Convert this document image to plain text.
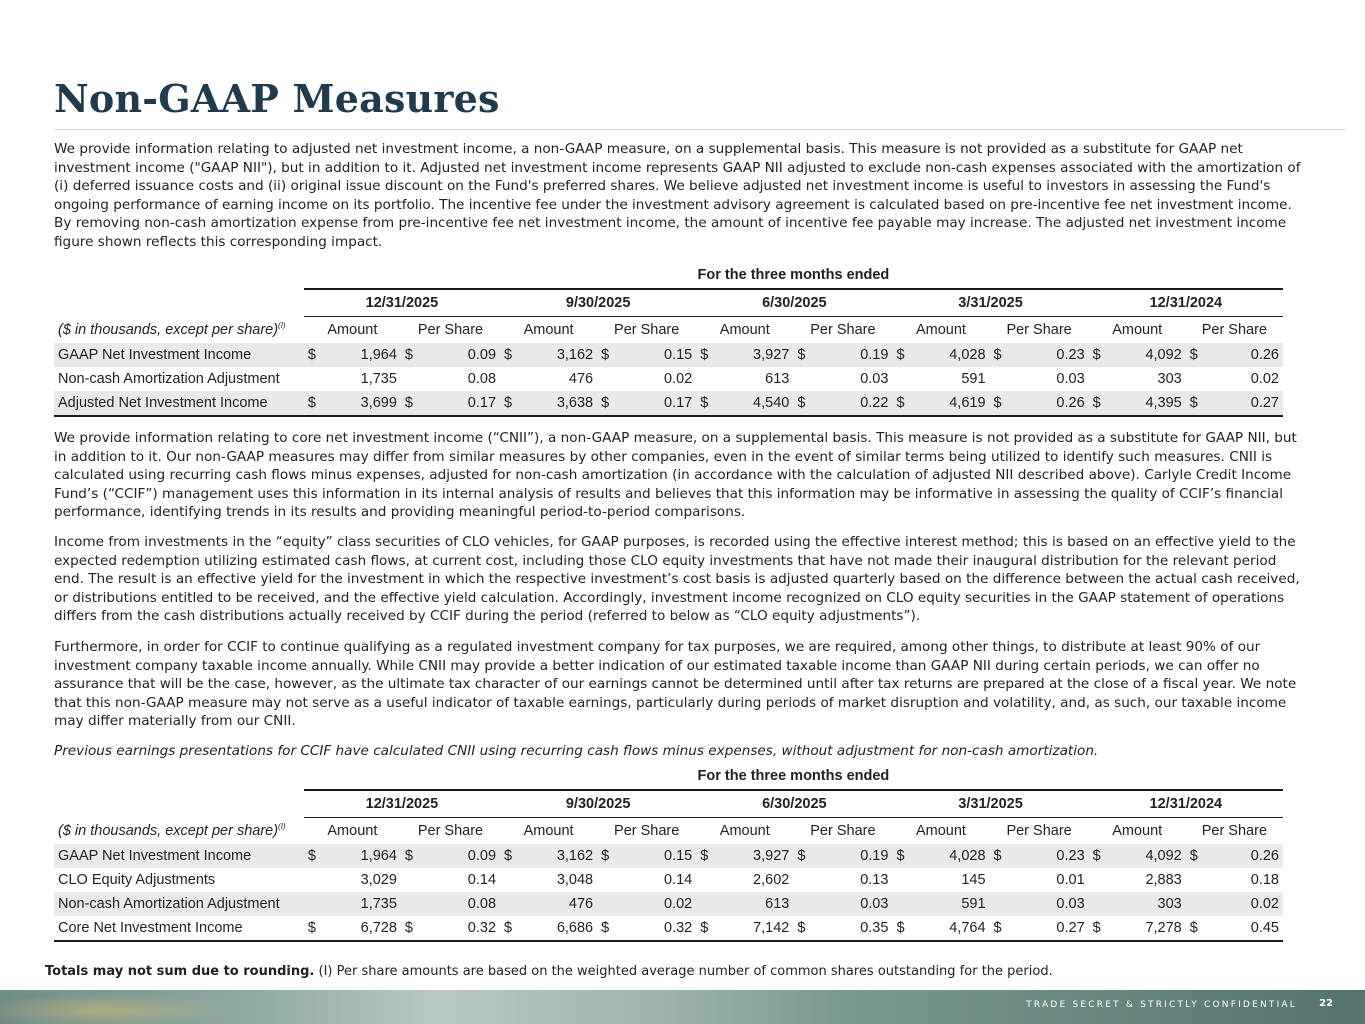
Non-GAAP Measures
We provide information relating to adjusted net investment income, a non-GAAP measure, on a supplemental basis. This measure is not provided as a substitute for GAAP net investment income ("GAAP NII"), but in addition to it. Adjusted net investment income represents GAAP NII adjusted to exclude non-cash expenses associated with the amortization of (i) deferred issuance costs and (ii) original issue discount on the Fund's preferred shares. We believe adjusted net investment income is useful to investors in assessing the Fund's ongoing performance of earning income on its portfolio. The incentive fee under the investment advisory agreement is calculated based on pre-incentive fee net investment income. By removing non-cash amortization expense from pre-incentive fee net investment income, the amount of incentive fee payable may increase. The adjusted net investment income figure shown reflects this corresponding impact.
	For the three months ended																			
	12/31/2025				9/30/2025				6/30/2025				3/31/2025				12/31/2024			
($ in thousands, except per share)$^{(I)}$	Amount		Per Share		Amount		Per Share		Amount		Per Share		Amount		Per Share		Amount		Per Share	
GAAP Net Investment Income	$	1,964	$	0.09	$	3,162	$	0.15	$	3,927	$	0.19	$	4,028	$	0.23	$	4,092	$	0.26
Non-cash Amortization Adjustment		1,735		0.08		476		0.02		613		0.03		591		0.03		303		0.02
Adjusted Net Investment Income	$	3,699	$	0.17	$	3,638	$	0.17	$	4,540	$	0.22	$	4,619	$	0.26	$	4,395	$	0.27
We provide information relating to core net investment income (“CNII”), a non-GAAP measure, on a supplemental basis. This measure is not provided as a substitute for GAAP NII, but in addition to it. Our non-GAAP measures may differ from similar measures by other companies, even in the event of similar terms being utilized to identify such measures. CNII is calculated using recurring cash flows minus expenses, adjusted for non-cash amortization (in accordance with the calculation of adjusted NII described above). Carlyle Credit Income Fund’s (“CCIF”) management uses this information in its internal analysis of results and believes that this information may be informative in assessing the quality of CCIF’s financial performance, identifying trends in its results and providing meaningful period-to-period comparisons.
Income from investments in the “equity” class securities of CLO vehicles, for GAAP purposes, is recorded using the effective interest method; this is based on an effective yield to the expected redemption utilizing estimated cash flows, at current cost, including those CLO equity investments that have not made their inaugural distribution for the relevant period end. The result is an effective yield for the investment in which the respective investment’s cost basis is adjusted quarterly based on the difference between the actual cash received, or distributions entitled to be received, and the effective yield calculation. Accordingly, investment income recognized on CLO equity securities in the GAAP statement of operations differs from the cash distributions actually received by CCIF during the period (referred to below as “CLO equity adjustments”).
Furthermore, in order for CCIF to continue qualifying as a regulated investment company for tax purposes, we are required, among other things, to distribute at least 90% of our investment company taxable income annually. While CNII may provide a better indication of our estimated taxable income than GAAP NII during certain periods, we can offer no assurance that will be the case, however, as the ultimate tax character of our earnings cannot be determined until after tax returns are prepared at the close of a fiscal year. We note that this non-GAAP measure may not serve as a useful indicator of taxable earnings, particularly during periods of market disruption and volatility, and, as such, our taxable income may differ materially from our CNII.
Previous earnings presentations for CCIF have calculated CNII using recurring cash flows minus expenses, without adjustment for non-cash amortization.
	For the three months ended																			
	12/31/2025				9/30/2025				6/30/2025				3/31/2025				12/31/2024			
($ in thousands, except per share)$^{(I)}$	Amount		Per Share		Amount		Per Share		Amount		Per Share		Amount		Per Share		Amount		Per Share	
GAAP Net Investment Income	$	1,964	$	0.09	$	3,162	$	0.15	$	3,927	$	0.19	$	4,028	$	0.23	$	4,092	$	0.26
CLO Equity Adjustments		3,029		0.14		3,048		0.14		2,602		0.13		145		0.01		2,883		0.18
Non-cash Amortization Adjustment		1,735		0.08		476		0.02		613		0.03		591		0.03		303		0.02
Core Net Investment Income	$	6,728	$	0.32	$	6,686	$	0.32	$	7,142	$	0.35	$	4,764	$	0.27	$	7,278	$	0.45
Totals may not sum due to rounding. (I) Per share amounts are based on the weighted average number of common shares outstanding for the period.
TRADE SECRET & STRICTLY CONFIDENTIAL 22
